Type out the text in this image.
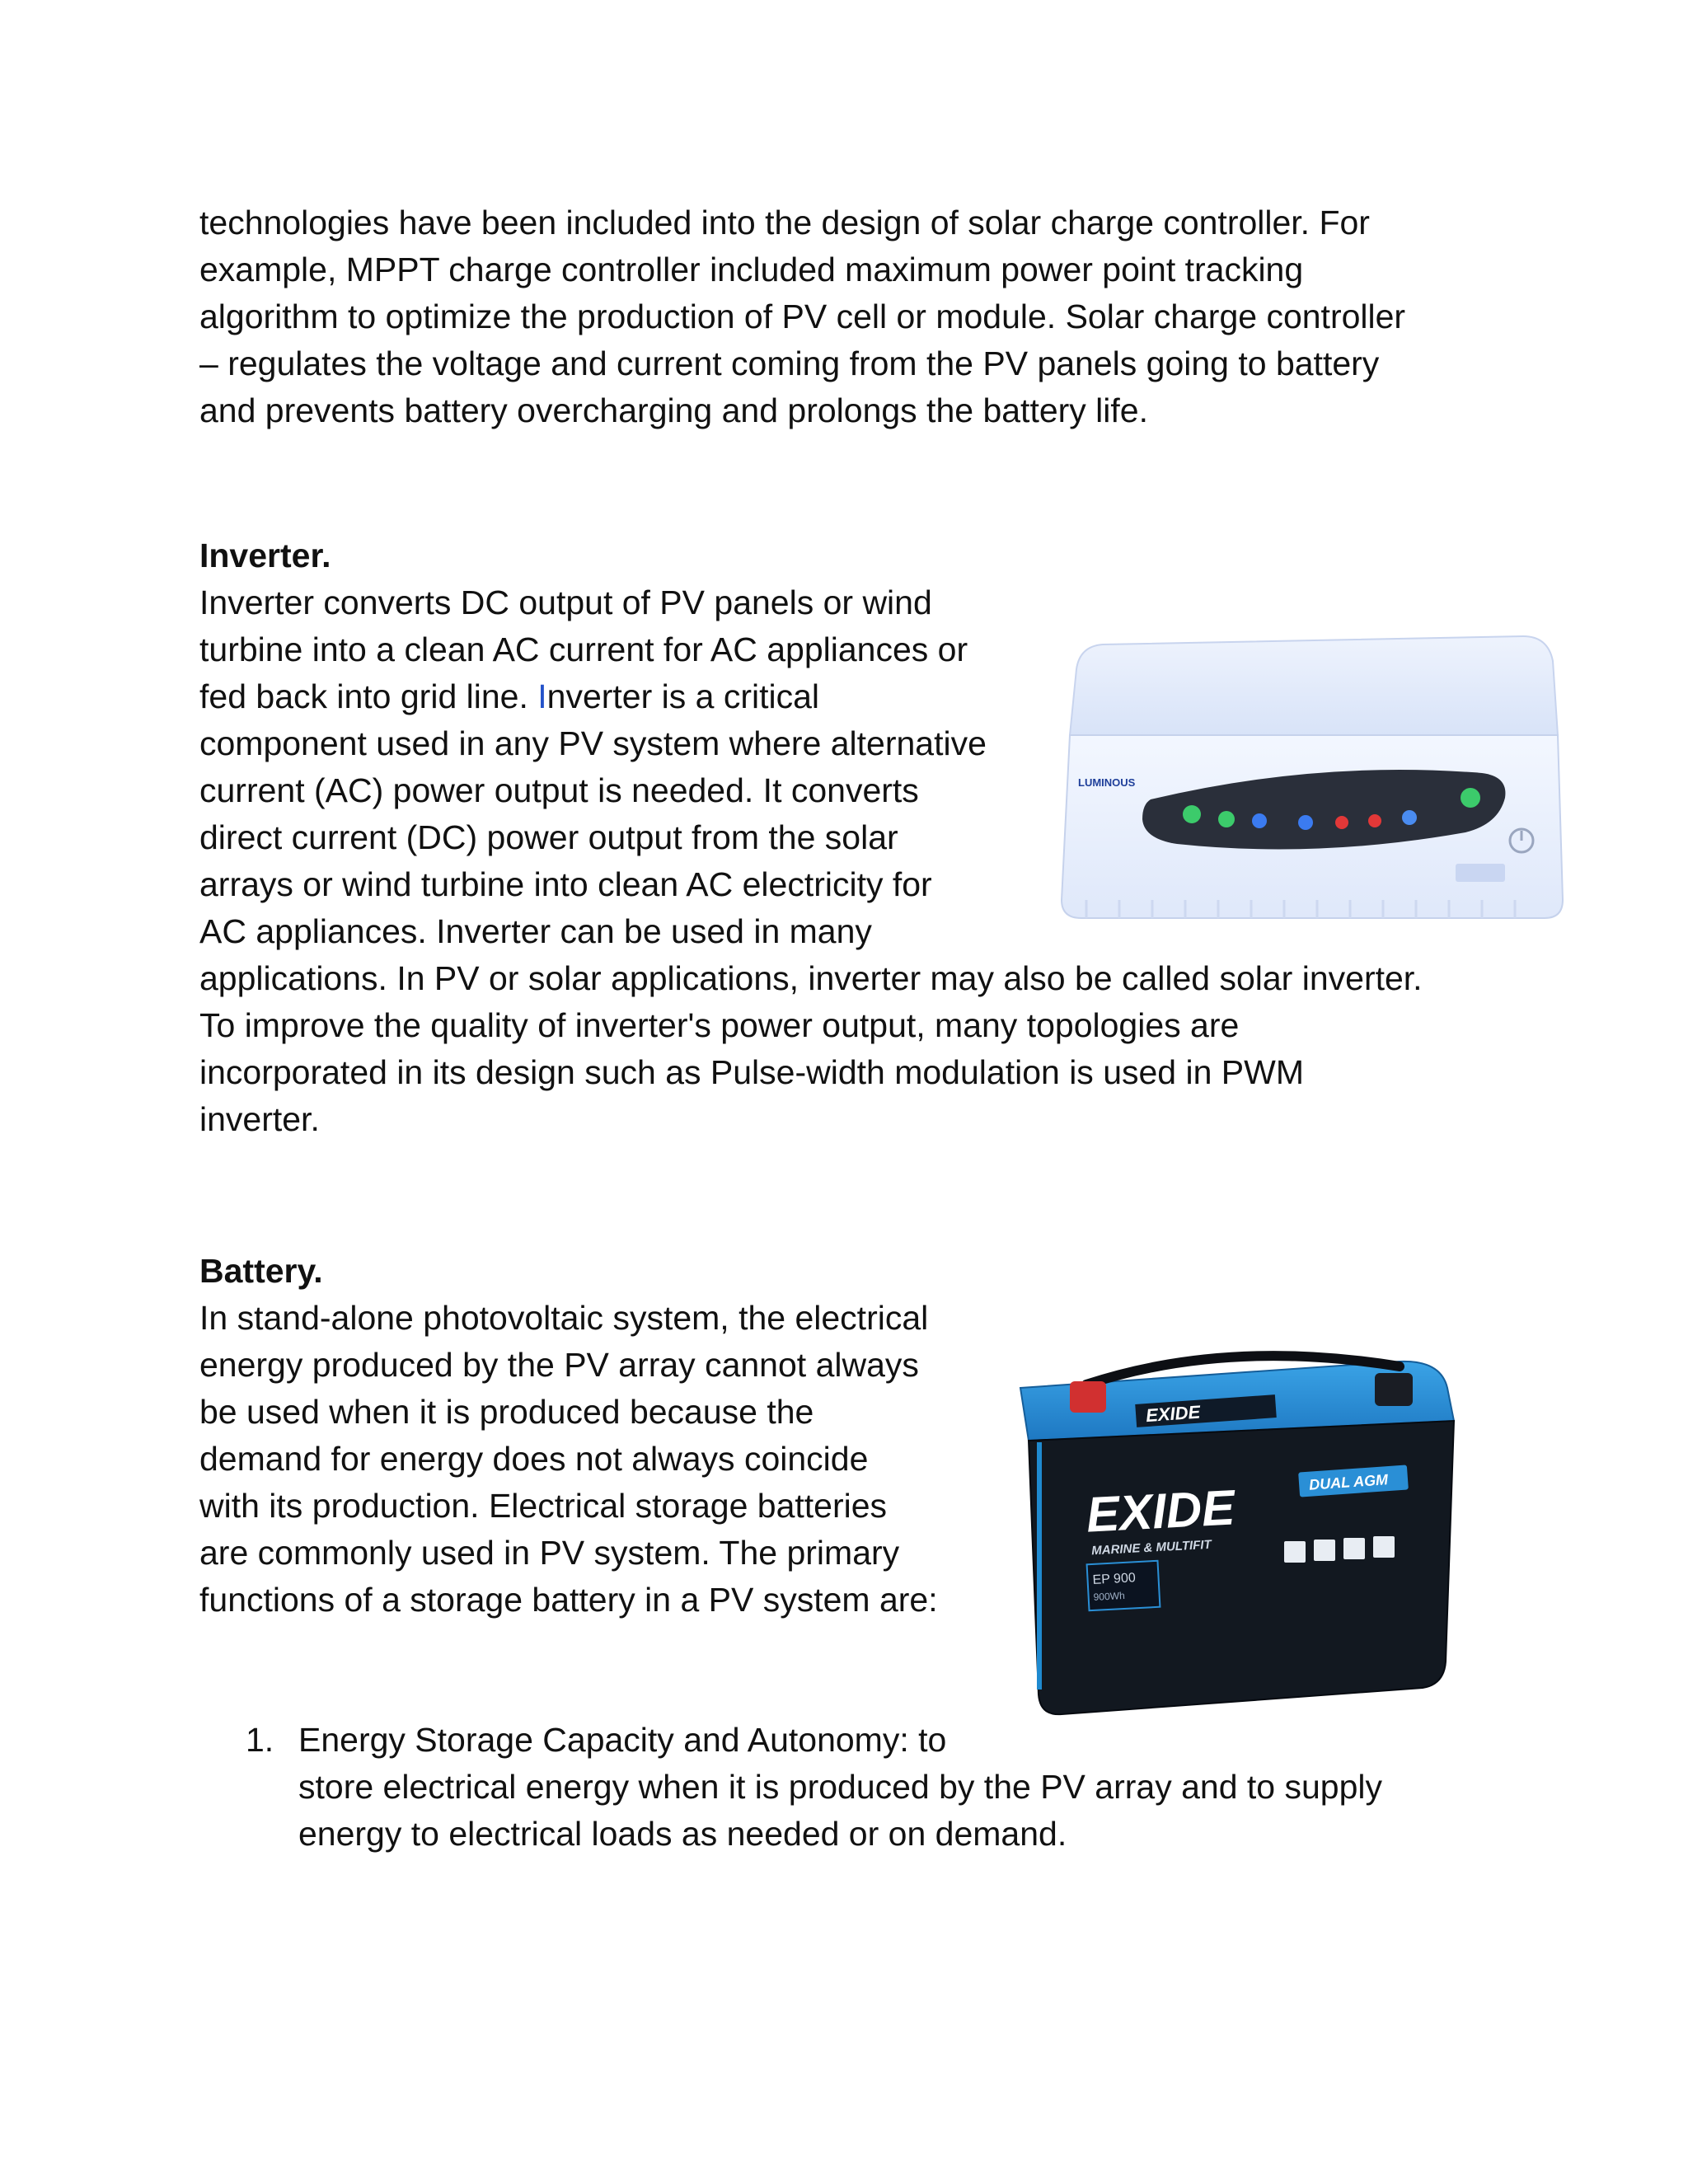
technologies have been included into the design of solar charge controller. For
example, MPPT charge controller included maximum power point tracking
algorithm to optimize the production of PV cell or module. Solar charge controller
– regulates the voltage and current coming from the PV panels going to battery
and prevents battery overcharging and prolongs the battery life.
Inverter.
Inverter converts DC output of PV panels or wind
turbine into a clean AC current for AC appliances or
fed back into grid line. Inverter is a critical
component used in any PV system where alternative
current (AC) power output is needed. It converts
direct current (DC) power output from the solar
arrays or wind turbine into clean AC electricity for
AC appliances. Inverter can be used in many
applications. In PV or solar applications, inverter may also be called solar inverter.
To improve the quality of inverter's power output, many topologies are
incorporated in its design such as Pulse-width modulation is used in PWM
inverter.
LUMINOUS
Battery.
In stand-alone photovoltaic system, the electrical
energy produced by the PV array cannot always
be used when it is produced because the
demand for energy does not always coincide
with its production. Electrical storage batteries
are commonly used in PV system. The primary
functions of a storage battery in a PV system are:
EXIDE
EXIDE
MARINE & MULTIFIT
DUAL AGM
EP 900
900Wh
1. Energy Storage Capacity and Autonomy: to
store electrical energy when it is produced by the PV array and to supply
energy to electrical loads as needed or on demand.
